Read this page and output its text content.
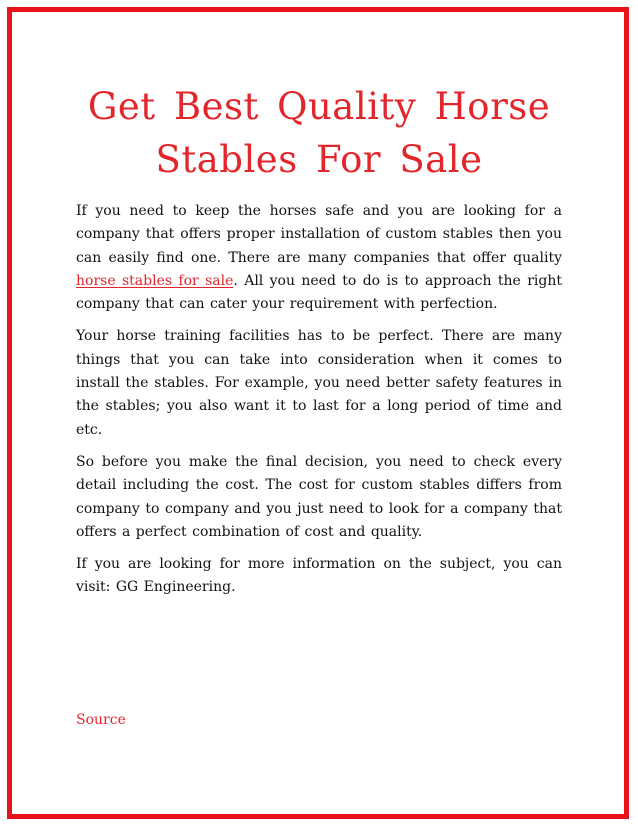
Get Best Quality Horse
Stables For Sale

If you need to keep the horses safe and you are looking for a company that offers proper installation of custom stables then you can easily find one. There are many companies that offer quality horse stables for sale. All you need to do is to approach the right company that can cater your requirement with perfection.

Your horse training facilities has to be perfect. There are many things that you can take into consideration when it comes to install the stables. For example, you need better safety features in the stables; you also want it to last for a long period of time and etc.

So before you make the final decision, you need to check every detail including the cost. The cost for custom stables differs from company to company and you just need to look for a company that offers a perfect combination of cost and quality.

If you are looking for more information on the subject, you can visit: GG Engineering.

Source
